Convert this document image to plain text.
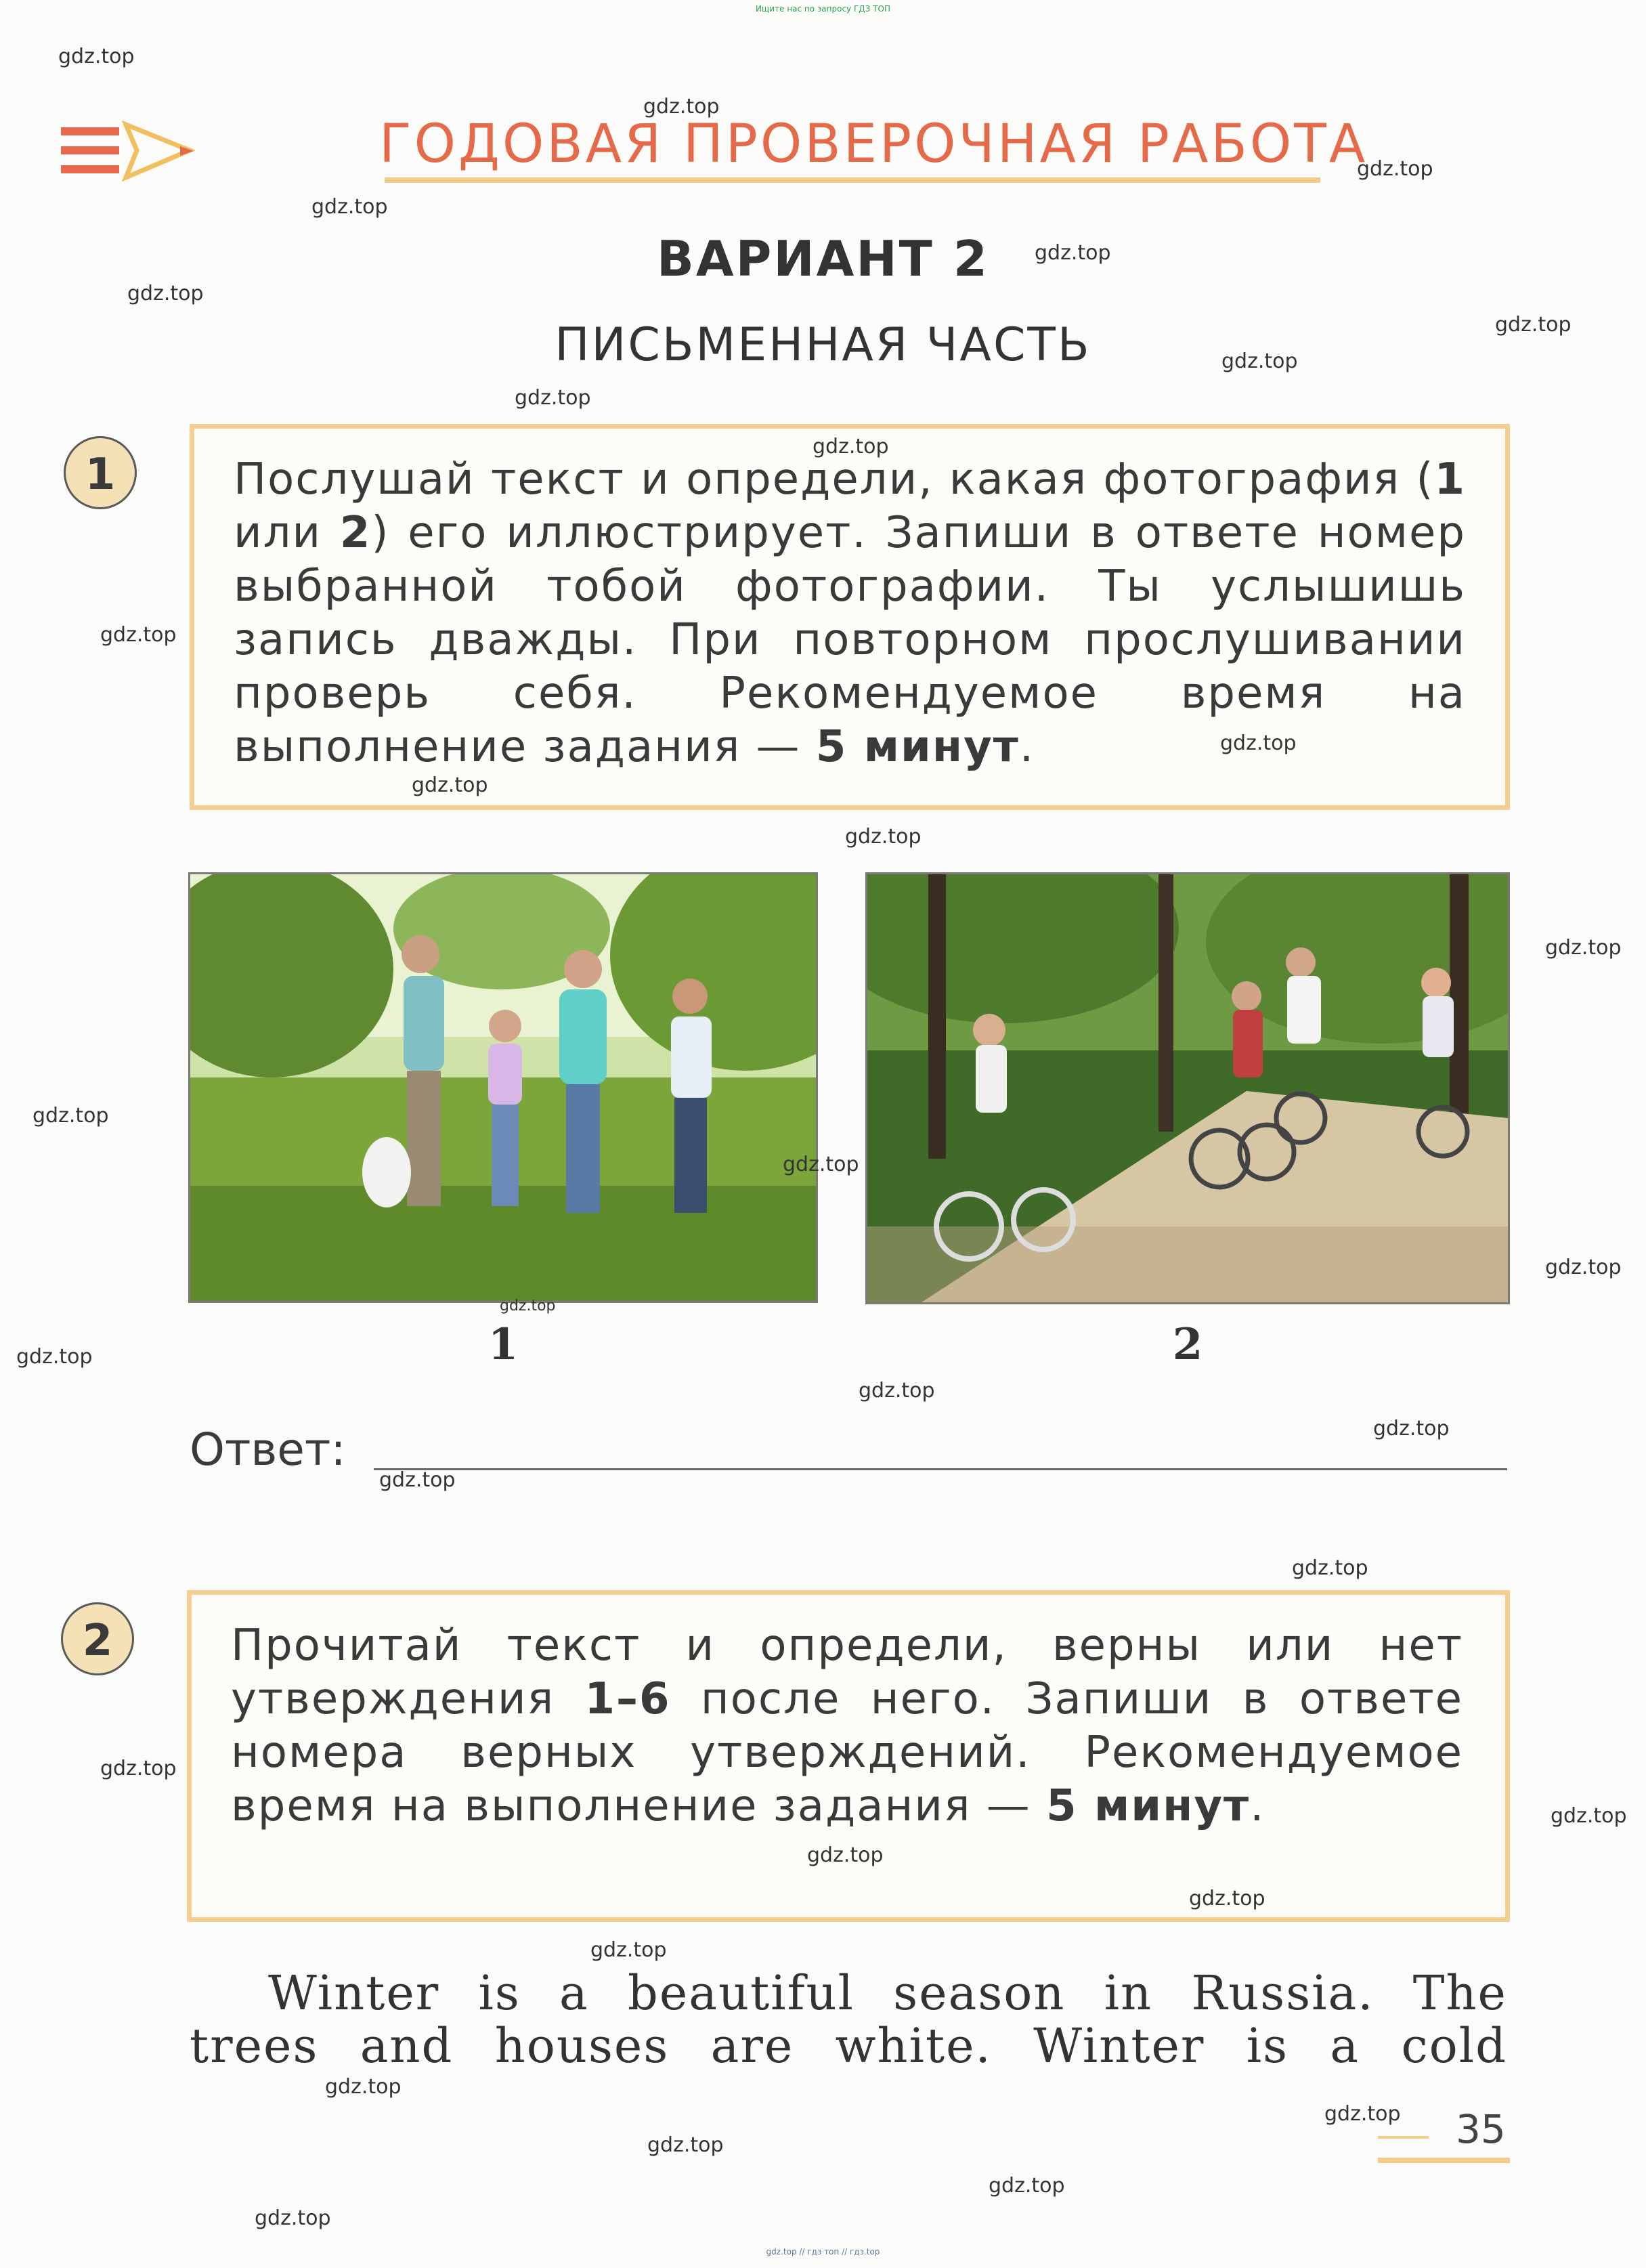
Ищите нас по запросу ГДЗ ТОП
ГОДОВАЯ ПРОВЕРОЧНАЯ РАБОТА
ВАРИАНТ 2
ПИСЬМЕННАЯ ЧАСТЬ
1	Послушай текст и определи, какая фотография (1 или 2) его иллюстрирует. Запиши в ответе номер выбранной тобой фотографии. Ты услышишь запись дважды. При повторном прослушивании проверь себя. Рекомендуемое время на выполнение задания — 5 минут.
1	2
Ответ:
2	Прочитай текст и определи, верны или нет утверждения 1–6 после него. Запиши в ответе номера верных утверждений. Рекомендуемое время на выполнение задания — 5 минут.
Winter is a beautiful season in Russia. The
trees and houses are white. Winter is a cold
35
gdz.top
gdz.top
gdz.top
gdz.top
gdz.top
gdz.top
gdz.top
gdz.top
gdz.top
gdz.top
gdz.top
gdz.top
gdz.top
gdz.top
gdz.top
gdz.top
gdz.top
gdz.top
gdz.top
gdz.top
gdz.top
gdz.top
gdz.top
gdz.top
gdz.top
gdz.top
gdz.top
gdz.top
gdz.top
gdz.top
gdz.top
gdz.top
gdz.top
gdz.top
gdz.top // гдз топ // гдз.top
